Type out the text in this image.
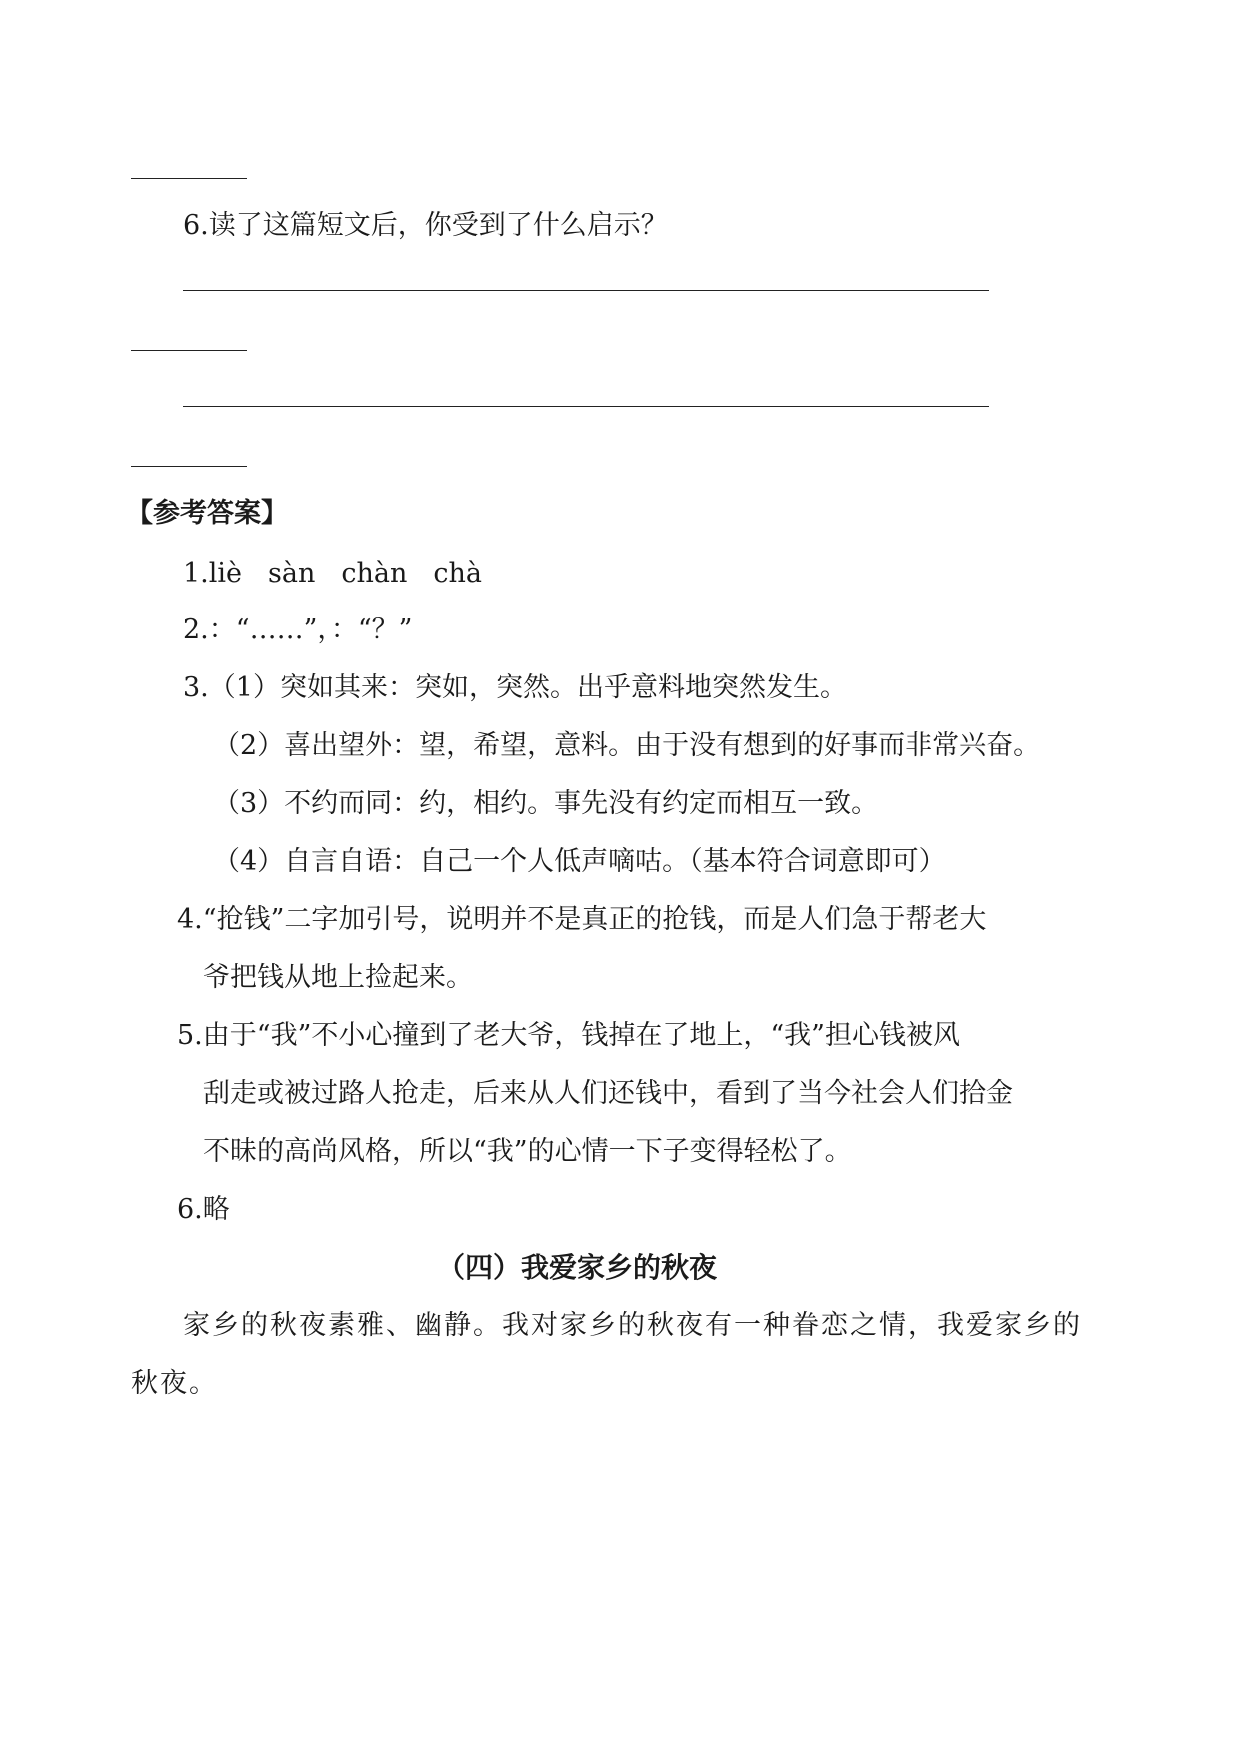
6.读了这篇短文后，你受到了什么启示？
【参考答案】
1.liè sàn chàn chà
2.：“……”，：“？”
3.（1）突如其来：突如，突然。出乎意料地突然发生。
（2）喜出望外：望，希望，意料。由于没有想到的好事而非常兴奋。
（3）不约而同：约，相约。事先没有约定而相互一致。
（4）自言自语：自己一个人低声嘀咕。（基本符合词意即可）
4.“抢钱”二字加引号，说明并不是真正的抢钱，而是人们急于帮老大
爷把钱从地上捡起来。
5.由于“我”不小心撞到了老大爷，钱掉在了地上，“我”担心钱被风
刮走或被过路人抢走，后来从人们还钱中，看到了当今社会人们拾金
不昧的高尚风格，所以“我”的心情一下子变得轻松了。
6.略
（四）我爱家乡的秋夜
家乡的秋夜素雅、幽静。我对家乡的秋夜有一种眷恋之情，我爱家乡的
秋夜。
